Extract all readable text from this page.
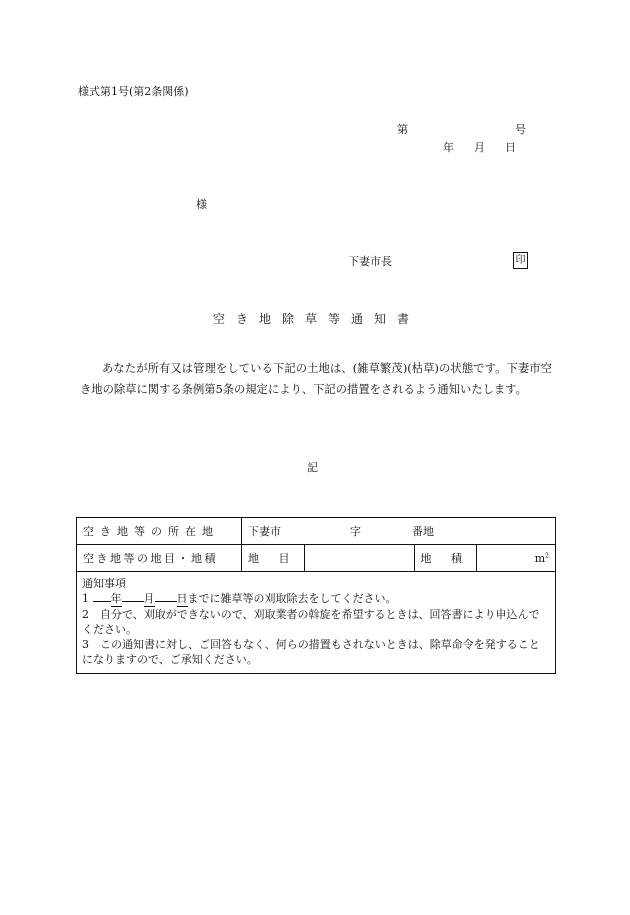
様式第1号(第2条関係)
第	号
年 月 日
様
下妻市長	印
空き地除草等通知書
あなたが所有又は管理をしている下記の土地は、(雑草繁茂)(枯草)の状態です。下妻市空き地の除草に関する条例第5条の規定により、下記の措置をされるよう通知いたします。
記
空き地等の所在地	下妻市 字 番地			
空き地等の地目・地積	地 目		地 積	$m^2$

通知事項
1 年 月 日までに雑草等の刈取除去をしてください。
2　自分で、刈取ができないので、刈取業者の斡旋を希望するときは、回答書により申込んでください。
3　この通知書に対し、ご回答もなく、何らの措置もされないときは、除草命令を発することになりますので、ご承知ください。				
